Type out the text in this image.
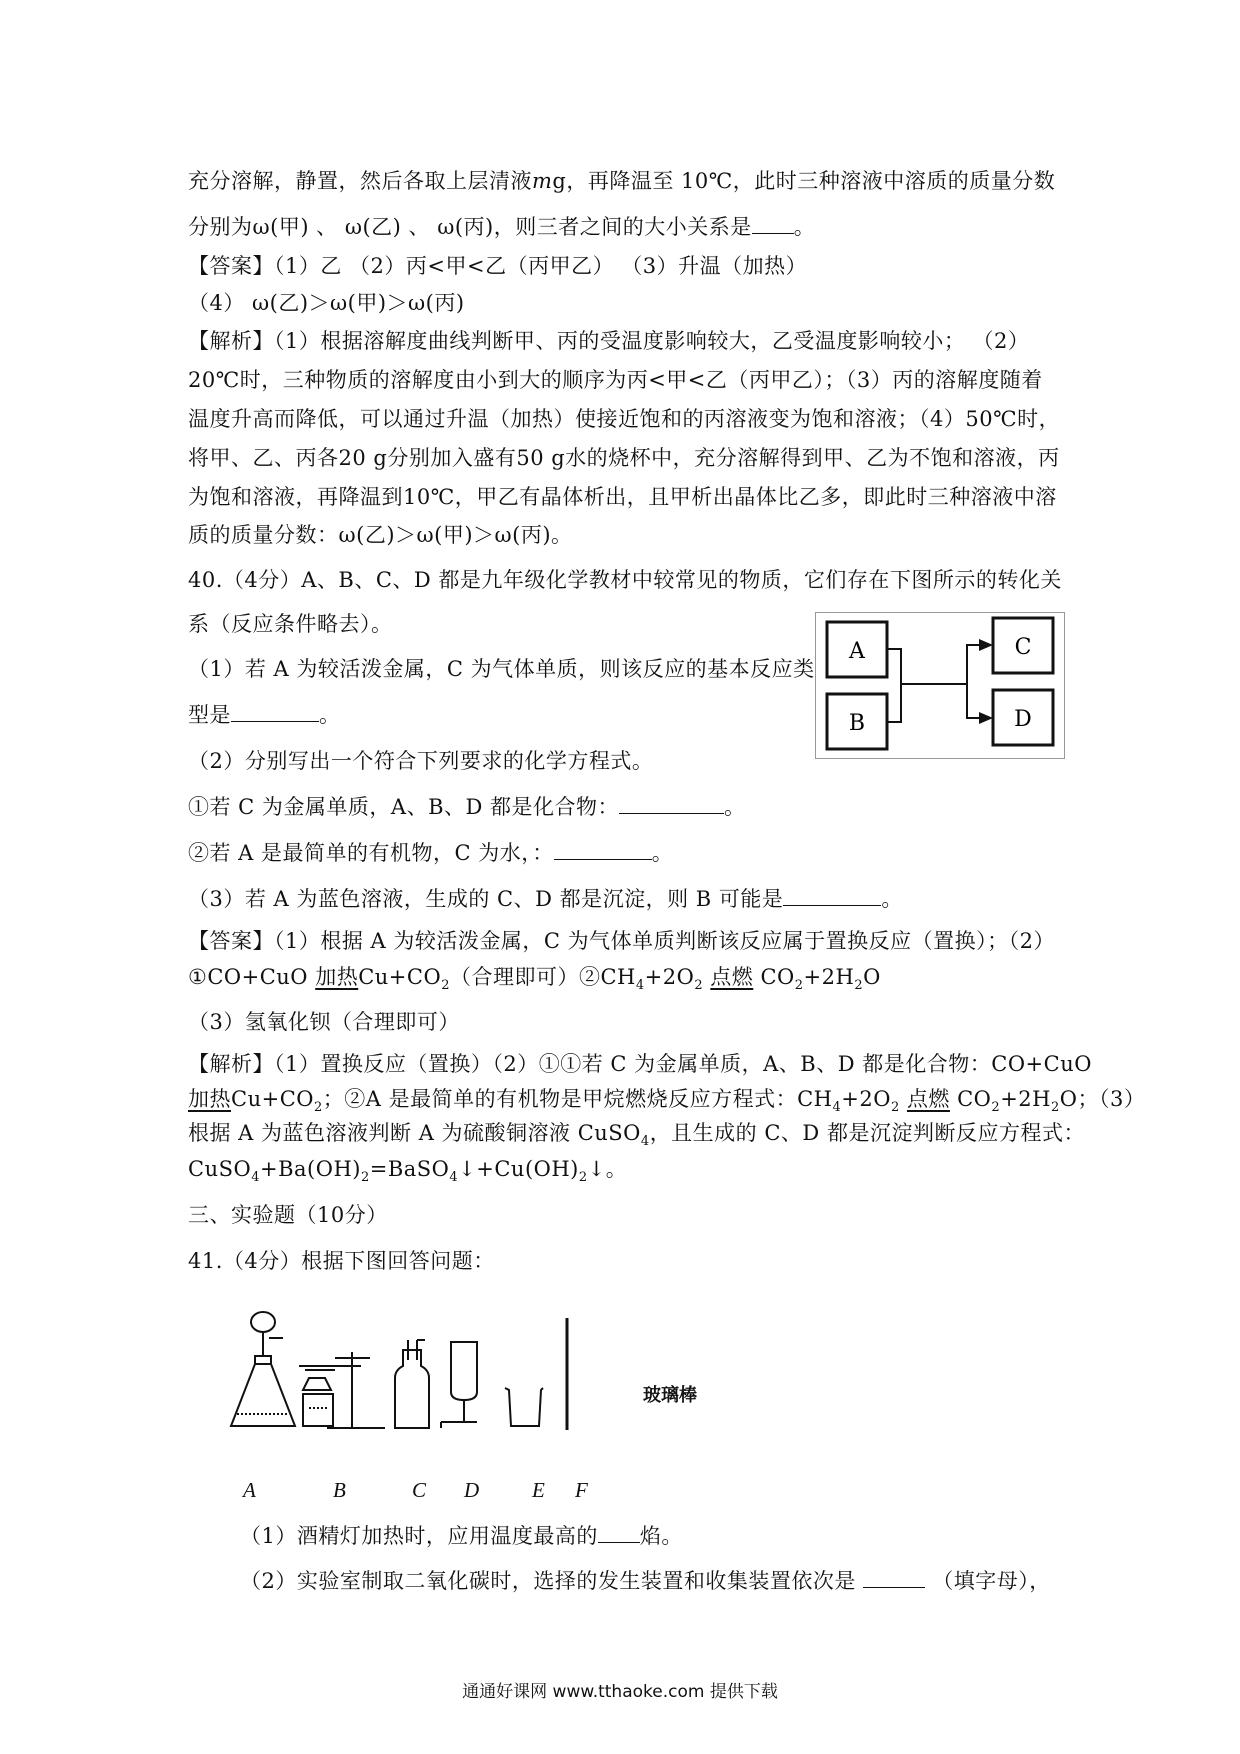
充分溶解，静置，然后各取上层清液mg，再降温至 10℃，此时三种溶液中溶质的质量分数
分别为ω(甲) 、 ω(乙) 、 ω(丙)，则三者之间的大小关系是 。
【答案】（1）乙 （2）丙<甲<乙（丙甲乙） （3）升温（加热）
（4） ω(乙)＞ω(甲)＞ω(丙)
【解析】（1）根据溶解度曲线判断甲、丙的受温度影响较大，乙受温度影响较小； （2）
20℃时，三种物质的溶解度由小到大的顺序为丙<甲<乙（丙甲乙）；（3）丙的溶解度随着
温度升高而降低，可以通过升温（加热）使接近饱和的丙溶液变为饱和溶液；（4）50℃时，
将甲、乙、丙各20 g分别加入盛有50 g水的烧杯中，充分溶解得到甲、乙为不饱和溶液，丙
为饱和溶液，再降温到10℃，甲乙有晶体析出，且甲析出晶体比乙多，即此时三种溶液中溶
质的质量分数：ω(乙)＞ω(甲)＞ω(丙)。
40.（4分）A、B、C、D 都是九年级化学教材中较常见的物质，它们存在下图所示的转化关
系（反应条件略去）。
（1）若 A 为较活泼金属，C 为气体单质，则该反应的基本反应类
型是	。
（2）分别写出一个符合下列要求的化学方程式。
①若 C 为金属单质，A、B、D 都是化合物：	。
②若 A 是最简单的有机物，C 为水，：	。
（3）若 A 为蓝色溶液，生成的 C、D 都是沉淀，则 B 可能是	。
【答案】（1）根据 A 为较活泼金属，C 为气体单质判断该反应属于置换反应（置换）；（2）
①CO+CuO 加热$Cu+CO_2$（合理即可）$②CH_4+2O_2$ 点燃 $CO_2+2H_2O$
（3）氢氧化钡（合理即可）
【解析】（1）置换反应（置换）（2）①①若 C 为金属单质，A、B、D 都是化合物：CO+CuO
加热$Cu+CO_2$；②A 是最简单的有机物是甲烷燃烧反应方程式：$CH_4+2O_2$ 点燃 $CO_2+2H_2O$；（3）
根据 A 为蓝色溶液判断 A 为硫酸铜溶液 CuSO$_4$，且生成的 C、D 都是沉淀判断反应方程式：
$CuSO_4+Ba(OH)_2=BaSO_4↓+Cu(OH)_2↓$。
A
B
C
D
三、实验题（10分）
41.（4分）根据下图回答问题：
玻璃棒
A	B	C D	E F
（1）酒精灯加热时，应用温度最高的 焰。
（2）实验室制取二氧化碳时，选择的发生装置和收集装置依次是	（填字母），
通通好课网 www.tthaoke.com 提供下载
